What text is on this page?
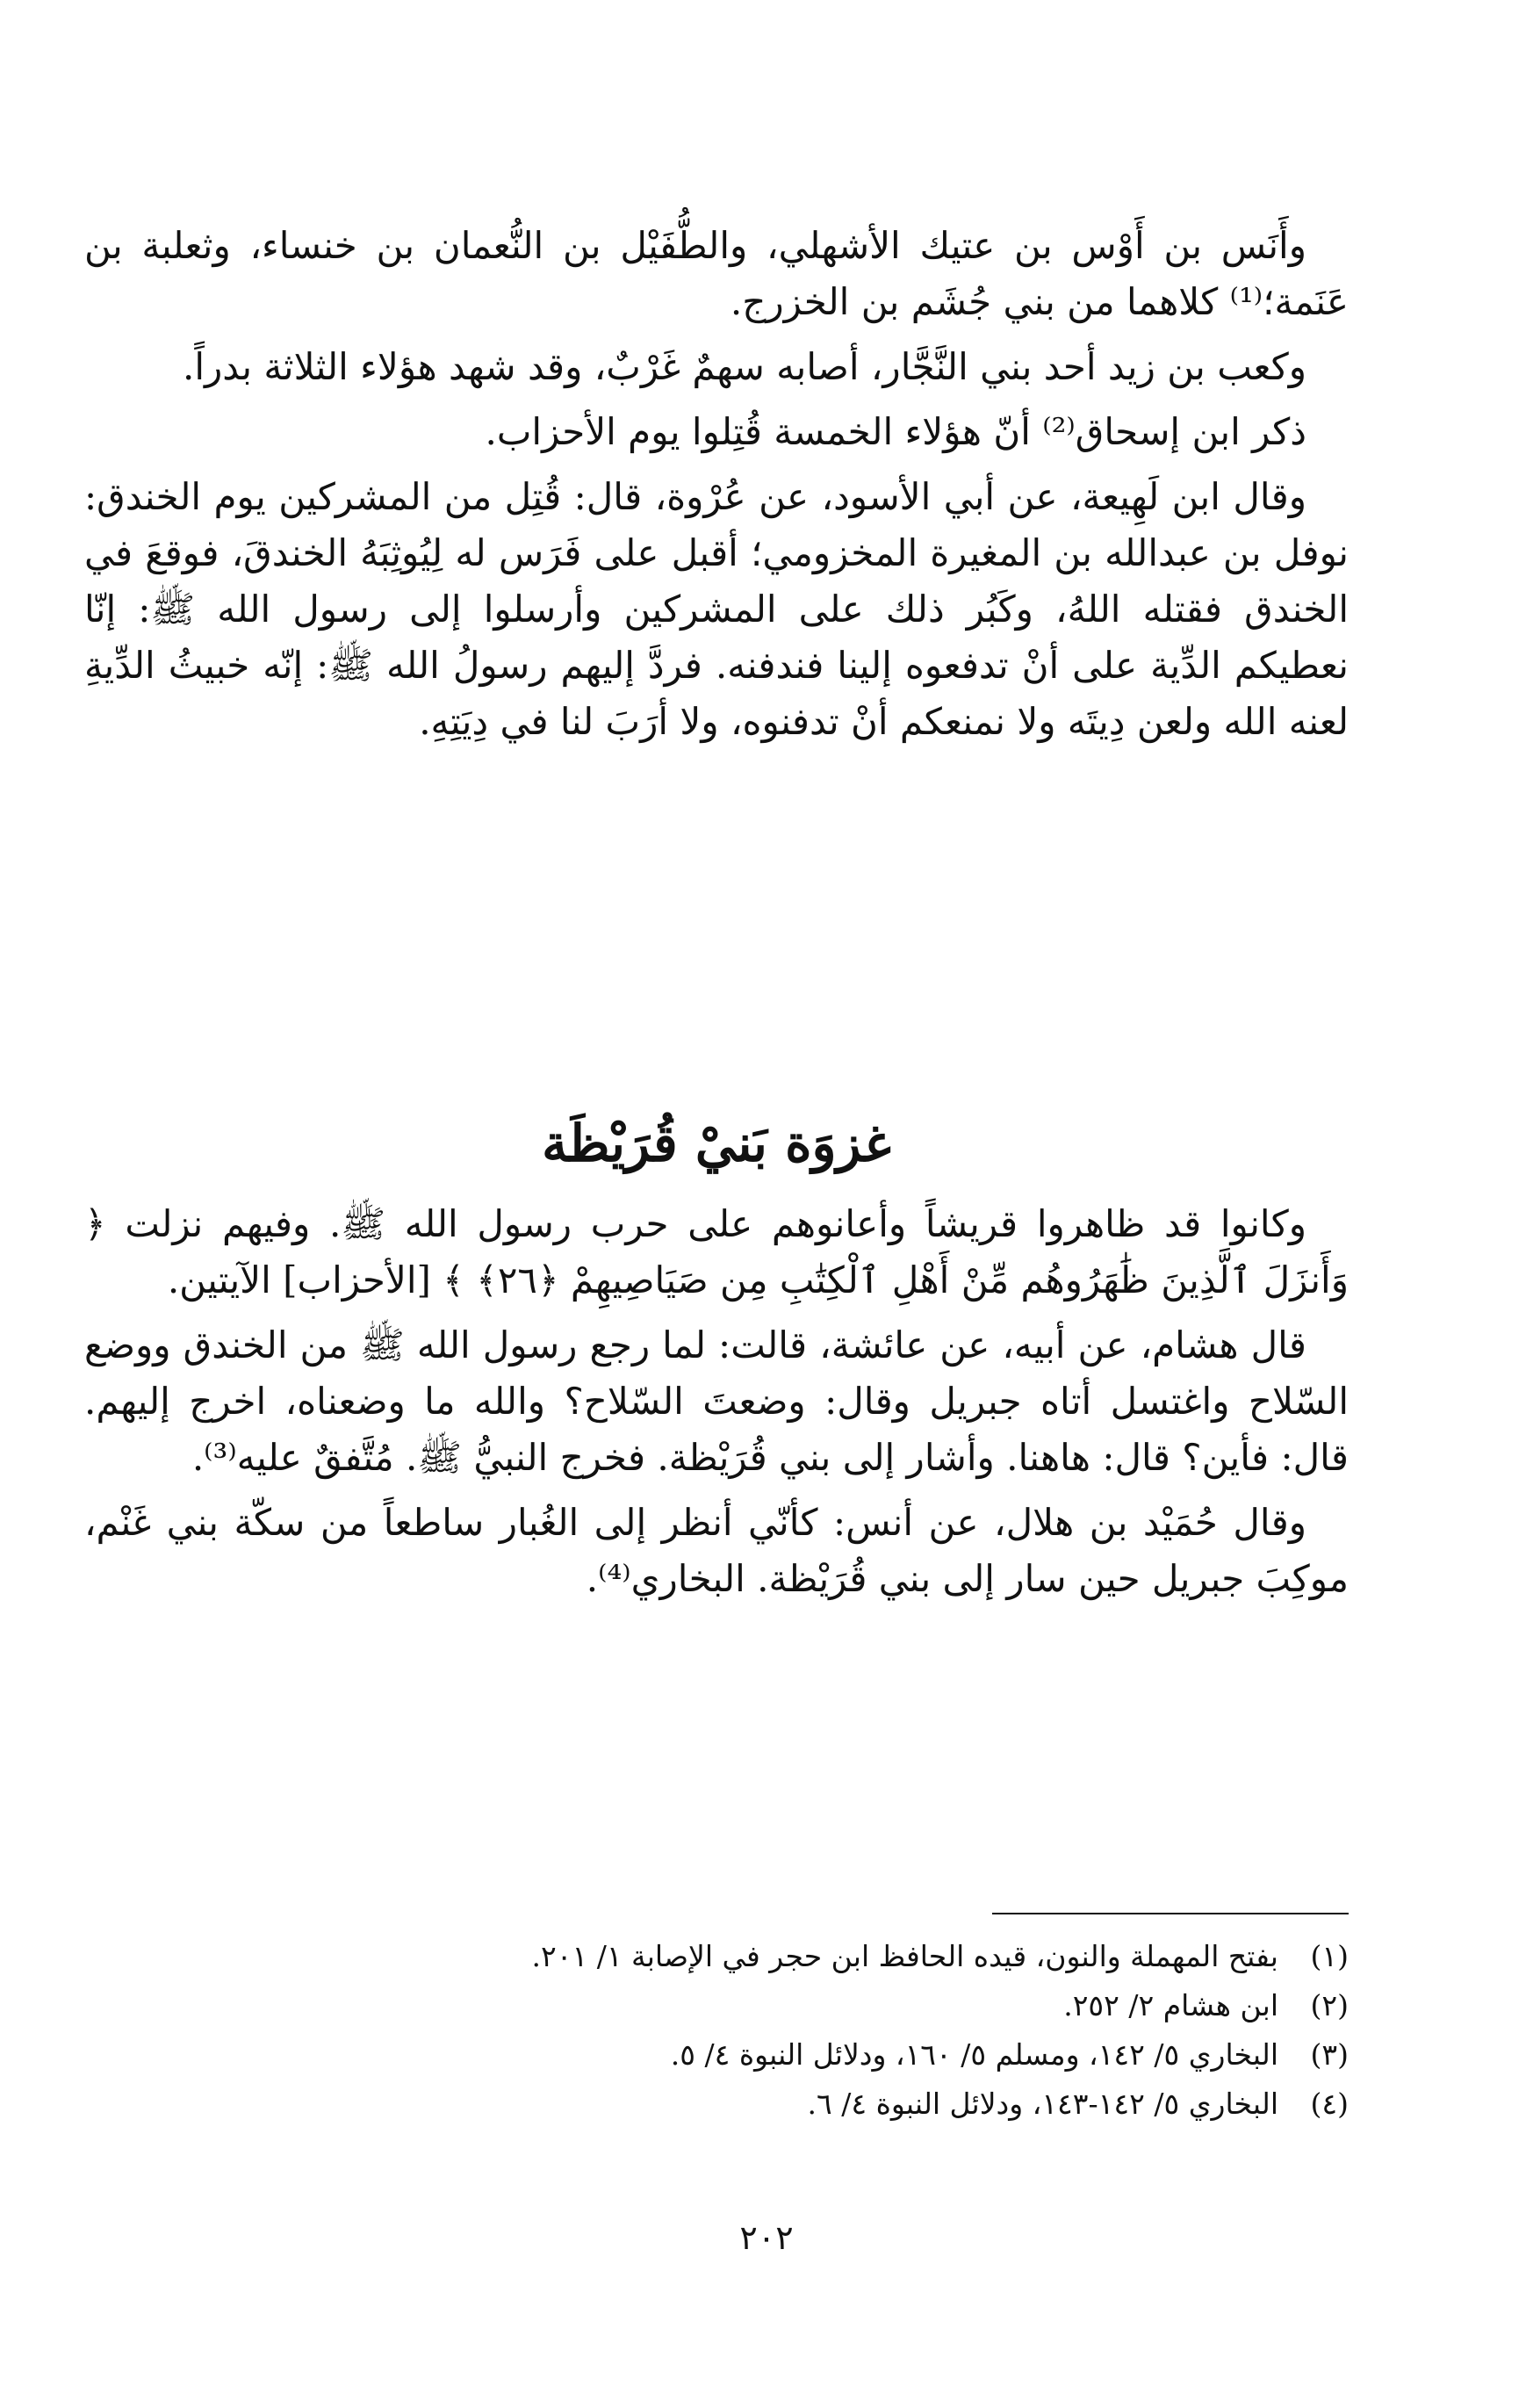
وأَنَس بن أَوْس بن عتيك الأشهلي، والطُّفَيْل بن النُّعمان بن خنساء، وثعلبة بن عَنَمة؛⁽¹⁾ كلاهما من بني جُشَم بن الخزرج.

وكعب بن زيد أحد بني النَّجَّار، أصابه سهمٌ غَرْبٌ، وقد شهد هؤلاء الثلاثة بدراً.

ذكر ابن إسحاق⁽²⁾ أنّ هؤلاء الخمسة قُتِلوا يوم الأحزاب.

وقال ابن لَهِيعة، عن أبي الأسود، عن عُرْوة، قال: قُتِل من المشركين يوم الخندق: نوفل بن عبدالله بن المغيرة المخزومي؛ أقبل على فَرَس له لِيُوثِبَهُ الخندقَ، فوقعَ في الخندق فقتله اللهُ، وكَبُر ذلك على المشركين وأرسلوا إلى رسول الله ﷺ: إنّا نعطيكم الدِّية على أنْ تدفعوه إلينا فندفنه. فردَّ إليهم رسولُ الله ﷺ: إنّه خبيثُ الدِّيةِ لعنه الله ولعن دِيتَه ولا نمنعكم أنْ تدفنوه، ولا أرَبَ لنا في دِيَتِهِ.

غزوَة بَنيْ قُرَيْظَة

وكانوا قد ظاهروا قريشاً وأعانوهم على حرب رسول الله ﷺ. وفيهم نزلت ﴿ وَأَنزَلَ ٱلَّذِينَ ظَٰهَرُوهُم مِّنْ أَهْلِ ٱلْكِتَٰبِ مِن صَيَاصِيهِمْ ﴿٢٦﴾ ﴾ [الأحزاب] الآيتين.

قال هشام، عن أبيه، عن عائشة، قالت: لما رجع رسول الله ﷺ من الخندق ووضع السّلاح واغتسل أتاه جبريل وقال: وضعتَ السّلاح؟ والله ما وضعناه، اخرج إليهم. قال: فأين؟ قال: هاهنا. وأشار إلى بني قُرَيْظة. فخرج النبيُّ ﷺ. مُتَّفقٌ عليه⁽³⁾.

وقال حُمَيْد بن هلال، عن أنس: كأنّي أنظر إلى الغُبار ساطعاً من سكّة بني غَنْم، موكِبَ جبريل حين سار إلى بني قُرَيْظة. البخاري⁽⁴⁾.

(١)
بفتح المهملة والنون، قيده الحافظ ابن حجر في الإصابة ١/ ٢٠١.
(٢)
ابن هشام ٢/ ٢٥٢.
(٣)
البخاري ٥/ ١٤٢، ومسلم ٥/ ١٦٠، ودلائل النبوة ٤/ ٥.
(٤)
البخاري ٥/ ١٤٢-١٤٣، ودلائل النبوة ٤/ ٦.
٢٠٢
